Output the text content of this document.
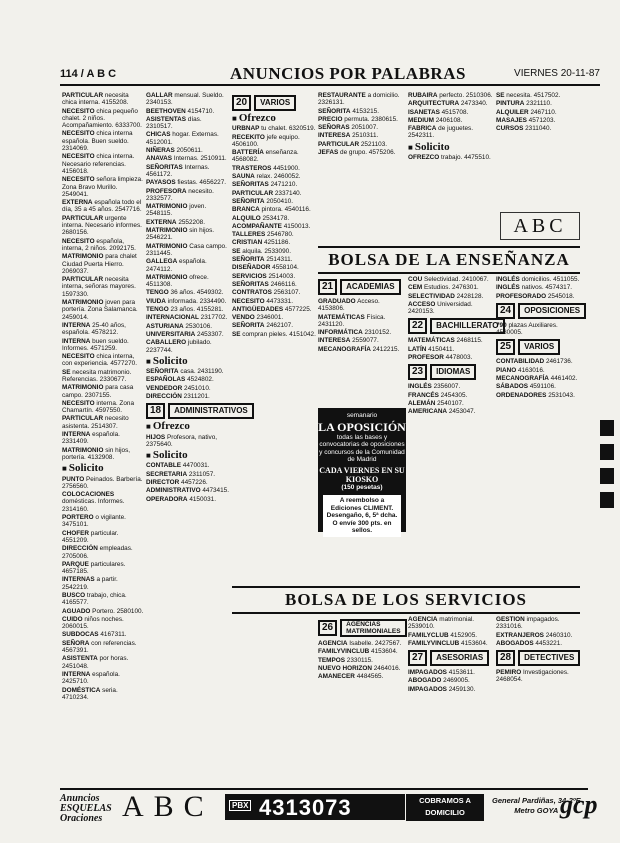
114 / A B C	ANUNCIOS POR PALABRAS	VIERNES 20-11-87

PARTICULAR necesita chica interna. 4155208.

NECESITO chica pequeño chalet. 2 niños. Acompañamiento. 6333700.

NECESITO chica interna española. Buen sueldo. 2314069.

NECESITO chica interna. Necesario referencias. 4156018.

NECESITO señora limpieza. Zona Bravo Murillo. 2549041.

EXTERNA española todo el día, 35 a 45 años. 2547716.

PARTICULAR urgente interna. Necesario informes. 2680156.

NECESITO española, interna, 2 niños. 2092175.

MATRIMONIO para chalet Ciudad Puerta Hierro. 2069037.

PARTICULAR necesita interna, señoras mayores. 1597330.

MATRIMONIO joven para portería. Zona Salamanca. 2459014.

INTERNA 25-40 años, española. 4578212.

INTERNA buen sueldo. Informes. 4571259.

NECESITO chica interna, con experiencia. 4577270.

SE necesita matrimonio. Referencias. 2330677.

MATRIMONIO para casa campo. 2307155.

NECESITO interna. Zona Chamartín. 4597550.

PARTICULAR necesito asistenta. 2514307.

INTERNA española. 2331409.

MATRIMONIO sin hijos, portería. 4132908.

■ Solicito

PUNTO Peinados. Barbería. 2756560.

COLOCACIONES domésticas. Informes. 2314160.

PORTERO o vigilante. 3475101.

CHOFER particular. 4551209.

DIRECCIÓN empleadas. 2705006.

PARQUE particulares. 4657185.

INTERNAS a partir. 2542219.

BUSCO trabajo, chica. 4165577.

AGUADO Portero. 2580100.

CUIDO niños noches. 2060015.

SUBDOCAS 4167311.

SEÑORA con referencias. 4567391.

ASISTENTA por horas. 2451048.

INTERNA española. 2425710.

DOMÉSTICA seria. 4710234.

GALLAR mensual. Sueldo. 2340153.

BEETHOVEN 4154710.

ASISTENTAS días. 2310517.

CHICAS hogar. Externas. 4512001.

NIÑERAS 2050611.

ANAVAS Internas. 2510911.

SEÑORITAS Internas. 4561172.

PAYASOS fiestas. 4656227.

PROFESORA necesito. 2332577.

MATRIMONIO joven. 2548115.

EXTERNA 2552208.

MATRIMONIO sin hijos. 2546221.

MATRIMONIO Casa campo. 2311445.

GALLEGA española. 2474112.

MATRIMONIO ofrece. 4511308.

TENGO 36 años. 4549302.

VIUDA informada. 2334490.

TENGO 23 años. 4155281.

INTERNACIONAL 2317702.

ASTURIANA 2530106.

UNIVERSITARIA 2453307.

CABALLERO jubilado. 2237744.

■ Solicito

SEÑORITA casa. 2431190.

ESPAÑOLAS 4524802.

VENDEDOR 2451010.

DIRECCIÓN 2311201.

18	ADMINISTRATIVOS
■ Ofrezco

HIJOS Profesora, nativo, 2375640.

■ Solicito

CONTABLE 4470031.

SECRETARIA 2311057.

DIRECTOR 4457226.

ADMINISTRATIVO 4473415.

OPERADORA 4150031.

20	VARIOS
■ Ofrezco

URBNAP tu chalet. 6320519.

RECEKITO jefe equipo. 4506100.

BATTERÍA enseñanza. 4568082.

TRASTEROS 4451900.

SAUNA relax. 2460052.

SEÑORITAS 2471210.

PARTICULAR 2337140.

SEÑORITA 2050410.

BRANCA pintora. 4540116.

ALQUILO 2534178.

ACOMPAÑANTE 4150013.

TALLERES 2546780.

CRISTIAN 4251186.

SE alquila. 2533090.

SEÑORITA 2514311.

DISEÑADOR 4558104.

SERVICIOS 2514003.

SEÑORITAS 2466116.

CONTRATOS 2563107.

NECESITO 4473331.

ANTIGÜEDADES 4577225.

VENDO 2346001.

SEÑORITA 2462107.

SE compran pieles. 4151042.

RESTAURANTE a domicilio. 2326131.

SEÑORITA 4153215.

PRECIO permuta. 2380615.

SEÑORAS 2051007.

INTERESA 2510311.

PARTICULAR 2521103.

JEFAS de grupo. 4575206.

RUBAIRA perfecto. 2510306.

ARQUITECTURA 2473340.

ISANETAS 4515708.

MEDIUM 2406108.

FABRICA de juguetes. 2542311.

■ Solicito

OFREZCO trabajo. 4475510.

SE necesita. 4517502.

PINTURA 2321110.

ALQUILER 2467110.

MASAJES 4571203.

CURSOS 2311040.

ABC
BOLSA DE LA ENSEÑANZA
21	ACADEMIAS

GRADUADO Acceso. 4153806.

MATEMÁTICAS Física. 2431120.

INFORMÁTICA 2310152.

INTERESA 2559077.

MECANOGRAFÍA 2412215.

semanario
LA OPOSICIÓN
todas las bases y convocatorias de oposiciones y concursos de la Comunidad de Madrid
CADA VIERNES EN SU KIOSKO
(150 pesetas)
A reembolso a Ediciones CLIMENT. Desengaño, 6, 5ª dcha. O envíe 300 pts. en sellos.

COU Selectividad. 2410067.

CEM Estudios. 2476301.

SELECTIVIDAD 2428128.

ACCESO Universidad. 2420153.

22	BACHILLERATO

MATEMÁTICAS 2468115.

LATÍN 4150411.

PROFESOR 4478003.

23	IDIOMAS

INGLÉS 2356007.

FRANCÉS 2454305.

ALEMÁN 2540107.

AMERICANA 2453047.

INGLÉS domicilios. 4511055.

INGLÉS nativos. 4574317.

PROFESORADO 2545018.

24	OPOSICIONES

790 plazas Auxiliares. 4580005.

25	VARIOS

CONTABILIDAD 2461736.

PIANO 4163016.

MECANOGRAFÍA 4461402.

SÁBADOS 4591106.

ORDENADORES 2531043.

BOLSA DE LOS SERVICIOS
26	AGENCIAS MATRIMONIALES

AGENCIA Isabelle. 2427567.

FAMILYVINCLUB 4153604.

TEMPOS 2330115.

NUEVO HORIZON 2464016.

AMANECER 4484565.

AGENCIA matrimonial. 2539010.

FAMILYCLUB 4152905.

FAMILYVINCLUB 4153604.

27	ASESORIAS

IMPAGADOS 4153611.

ABOGADO 2469005.

IMPAGADOS 2459130.

GESTION impagados. 2331016.

EXTRANJEROS 2460310.

ABOGADOS 4453221.

28	DETECTIVES

PEMIRO Investigaciones. 2468054.

Anuncios ESQUELAS Oraciones ABC	PBX 4313073	COBRAMOS A DOMICILIO
General Pardiñas, 34-2ºE
Metro GOYA gcp
